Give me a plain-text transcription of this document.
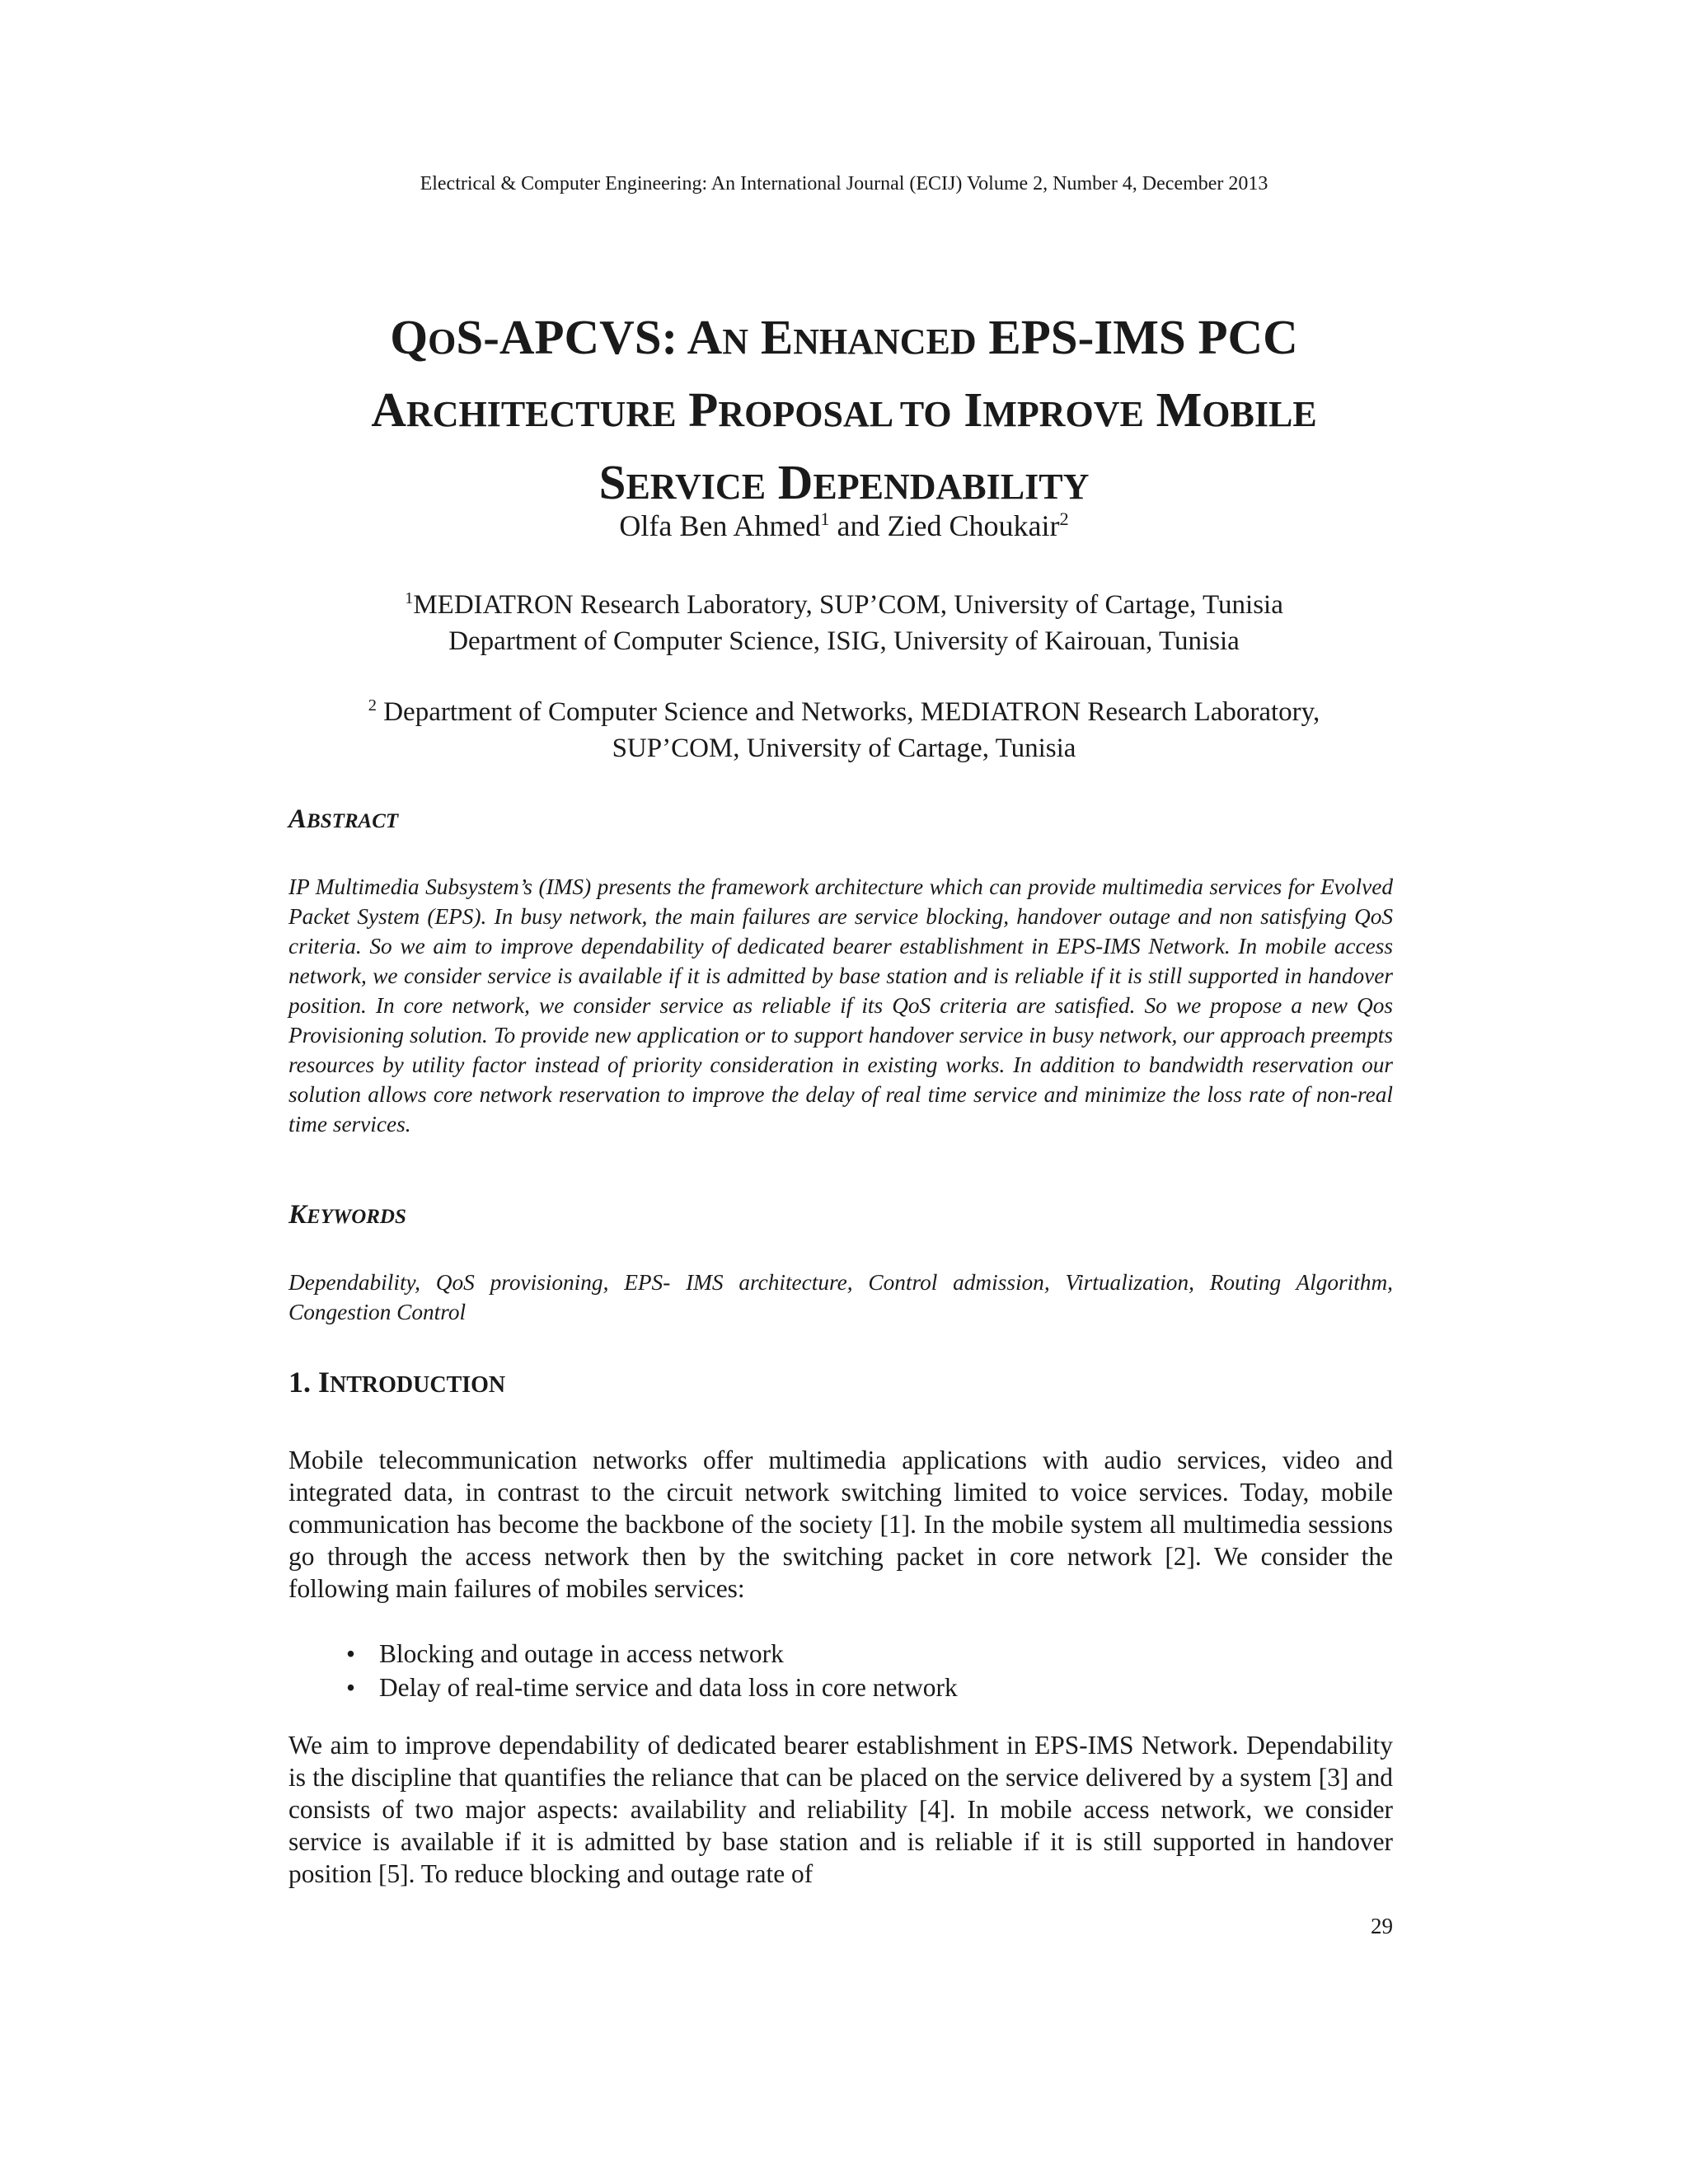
Electrical & Computer Engineering: An International Journal (ECIJ) Volume 2, Number 4, December 2013
QOS-APCVS: AN ENHANCED EPS-IMS PCC
ARCHITECTURE PROPOSAL TO IMPROVE MOBILE
SERVICE DEPENDABILITY
Olfa Ben Ahmed$^1$ and Zied Choukair$^2$
$^1$MEDIATRON Research Laboratory, SUP’COM, University of Cartage, Tunisia
Department of Computer Science, ISIG, University of Kairouan, Tunisia
$^2$ Department of Computer Science and Networks, MEDIATRON Research Laboratory,
SUP’COM, University of Cartage, Tunisia
ABSTRACT
IP Multimedia Subsystem’s (IMS) presents the framework architecture which can provide multimedia services for Evolved Packet System (EPS). In busy network, the main failures are service blocking, handover outage and non satisfying QoS criteria. So we aim to improve dependability of dedicated bearer establishment in EPS-IMS Network. In mobile access network, we consider service is available if it is admitted by base station and is reliable if it is still supported in handover position. In core network, we consider service as reliable if its QoS criteria are satisfied. So we propose a new Qos Provisioning solution. To provide new application or to support handover service in busy network, our approach preempts resources by utility factor instead of priority consideration in existing works. In addition to bandwidth reservation our solution allows core network reservation to improve the delay of real time service and minimize the loss rate of non-real time services.
KEYWORDS
Dependability, QoS provisioning, EPS- IMS architecture, Control admission, Virtualization, Routing Algorithm, Congestion Control
1. INTRODUCTION
Mobile telecommunication networks offer multimedia applications with audio services, video and integrated data, in contrast to the circuit network switching limited to voice services. Today, mobile communication has become the backbone of the society [1]. In the mobile system all multimedia sessions go through the access network then by the switching packet in core network [2]. We consider the following main failures of mobiles services:
• Blocking and outage in access network
• Delay of real-time service and data loss in core network
We aim to improve dependability of dedicated bearer establishment in EPS-IMS Network. Dependability is the discipline that quantifies the reliance that can be placed on the service delivered by a system [3] and consists of two major aspects: availability and reliability [4]. In mobile access network, we consider service is available if it is admitted by base station and is reliable if it is still supported in handover position [5]. To reduce blocking and outage rate of
29
